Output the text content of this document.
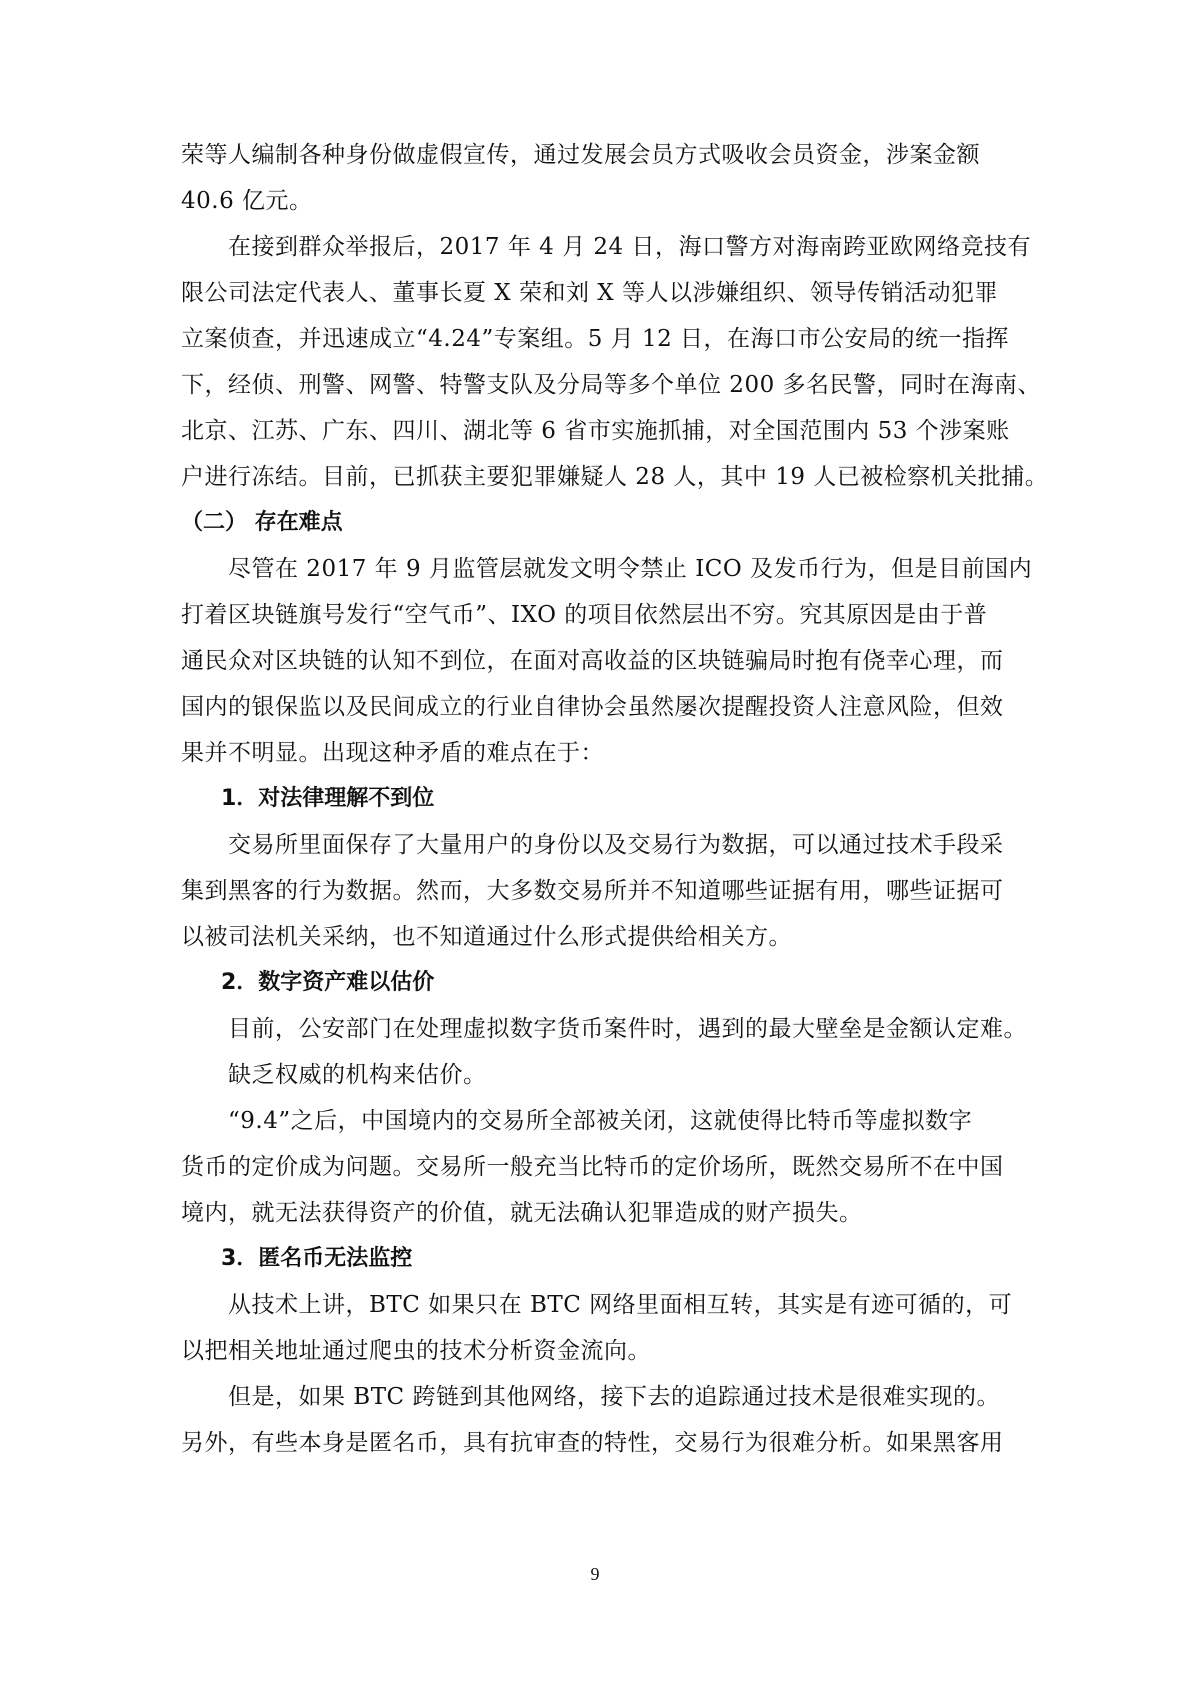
荣等人编制各种身份做虚假宣传，通过发展会员方式吸收会员资金，涉案金额
40.6 亿元。
在接到群众举报后，2017 年 4 月 24 日，海口警方对海南跨亚欧网络竞技有
限公司法定代表人、董事长夏 X 荣和刘 X 等人以涉嫌组织、领导传销活动犯罪
立案侦查，并迅速成立“4.24”专案组。5 月 12 日，在海口市公安局的统一指挥
下，经侦、刑警、网警、特警支队及分局等多个单位 200 多名民警，同时在海南、
北京、江苏、广东、四川、湖北等 6 省市实施抓捕，对全国范围内 53 个涉案账
户进行冻结。目前，已抓获主要犯罪嫌疑人 28 人，其中 19 人已被检察机关批捕。
（二） 存在难点
尽管在 2017 年 9 月监管层就发文明令禁止 ICO 及发币行为，但是目前国内
打着区块链旗号发行“空气币”、IXO 的项目依然层出不穷。究其原因是由于普
通民众对区块链的认知不到位，在面对高收益的区块链骗局时抱有侥幸心理，而
国内的银保监以及民间成立的行业自律协会虽然屡次提醒投资人注意风险，但效
果并不明显。出现这种矛盾的难点在于：
1．对法律理解不到位
交易所里面保存了大量用户的身份以及交易行为数据，可以通过技术手段采
集到黑客的行为数据。然而，大多数交易所并不知道哪些证据有用，哪些证据可
以被司法机关采纳，也不知道通过什么形式提供给相关方。
2．数字资产难以估价
目前，公安部门在处理虚拟数字货币案件时，遇到的最大壁垒是金额认定难。
缺乏权威的机构来估价。
“9.4”之后，中国境内的交易所全部被关闭，这就使得比特币等虚拟数字
货币的定价成为问题。交易所一般充当比特币的定价场所，既然交易所不在中国
境内，就无法获得资产的价值，就无法确认犯罪造成的财产损失。
3．匿名币无法监控
从技术上讲，BTC 如果只在 BTC 网络里面相互转，其实是有迹可循的，可
以把相关地址通过爬虫的技术分析资金流向。
但是，如果 BTC 跨链到其他网络，接下去的追踪通过技术是很难实现的。
另外，有些本身是匿名币，具有抗审查的特性，交易行为很难分析。如果黑客用
9
